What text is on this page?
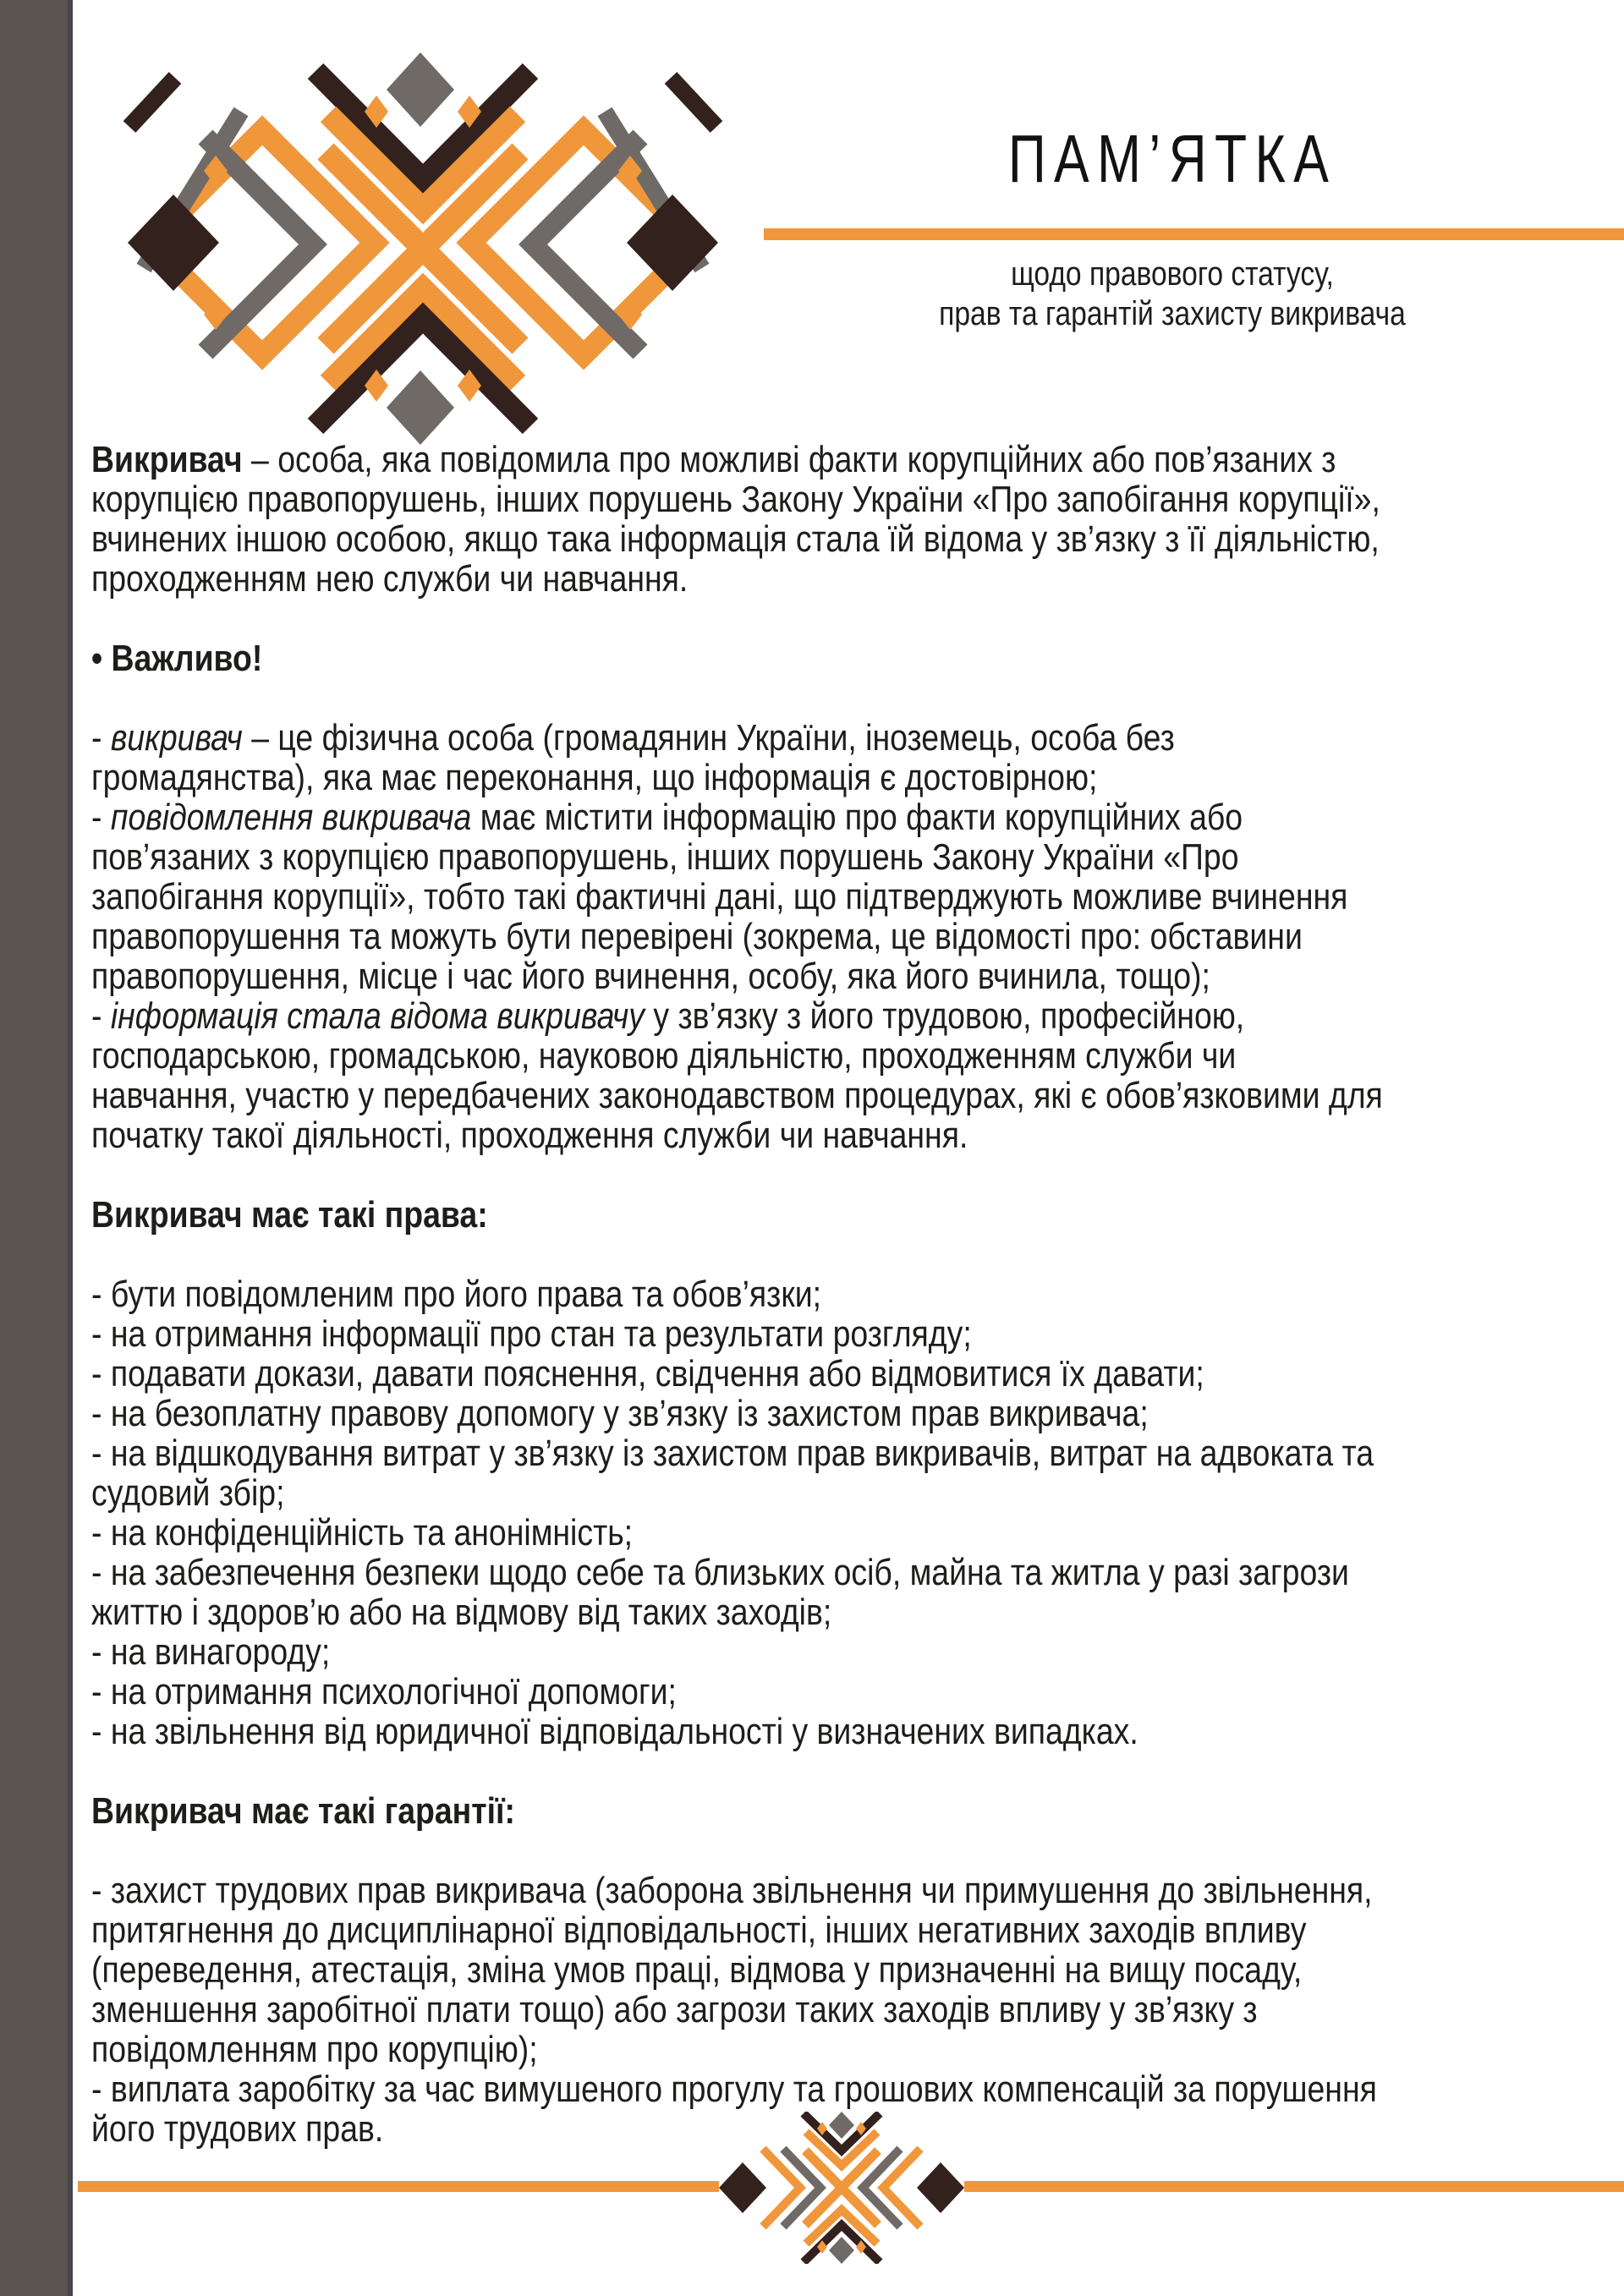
ПАМ’ЯТКА
щодо правового статусу,
прав та гарантій захисту викривача
Викривач – особа, яка повідомила про можливі факти корупційних або пов’язаних з
корупцією правопорушень, інших порушень Закону України «Про запобігання корупції»,
вчинених іншою особою, якщо така інформація стала їй відома у зв’язку з її діяльністю,
проходженням нею служби чи навчання.
• Важливо!
- викривач – це фізична особа (громадянин України, іноземець, особа без
громадянства), яка має переконання, що інформація є достовірною;
- повідомлення викривача має містити інформацію про факти корупційних або
пов’язаних з корупцією правопорушень, інших порушень Закону України «Про
запобігання корупції», тобто такі фактичні дані, що підтверджують можливе вчинення
правопорушення та можуть бути перевірені (зокрема, це відомості про: обставини
правопорушення, місце і час його вчинення, особу, яка його вчинила, тощо);
- інформація стала відома викривачу у зв’язку з його трудовою, професійною,
господарською, громадською, науковою діяльністю, проходженням служби чи
навчання, участю у передбачених законодавством процедурах, які є обов’язковими для
початку такої діяльності, проходження служби чи навчання.
Викривач має такі права:
- бути повідомленим про його права та обов’язки;
- на отримання інформації про стан та результати розгляду;
- подавати докази, давати пояснення, свідчення або відмовитися їх давати;
- на безоплатну правову допомогу у зв’язку із захистом прав викривача;
- на відшкодування витрат у зв’язку із захистом прав викривачів, витрат на адвоката та
судовий збір;
- на конфіденційність та анонімність;
- на забезпечення безпеки щодо себе та близьких осіб, майна та житла у разі загрози
життю і здоров’ю або на відмову від таких заходів;
- на винагороду;
- на отримання психологічної допомоги;
- на звільнення від юридичної відповідальності у визначених випадках.
Викривач має такі гарантії:
- захист трудових прав викривача (заборона звільнення чи примушення до звільнення,
притягнення до дисциплінарної відповідальності, інших негативних заходів впливу
(переведення, атестація, зміна умов праці, відмова у призначенні на вищу посаду,
зменшення заробітної плати тощо) або загрози таких заходів впливу у зв’язку з
повідомленням про корупцію);
- виплата заробітку за час вимушеного прогулу та грошових компенсацій за порушення
його трудових прав.
